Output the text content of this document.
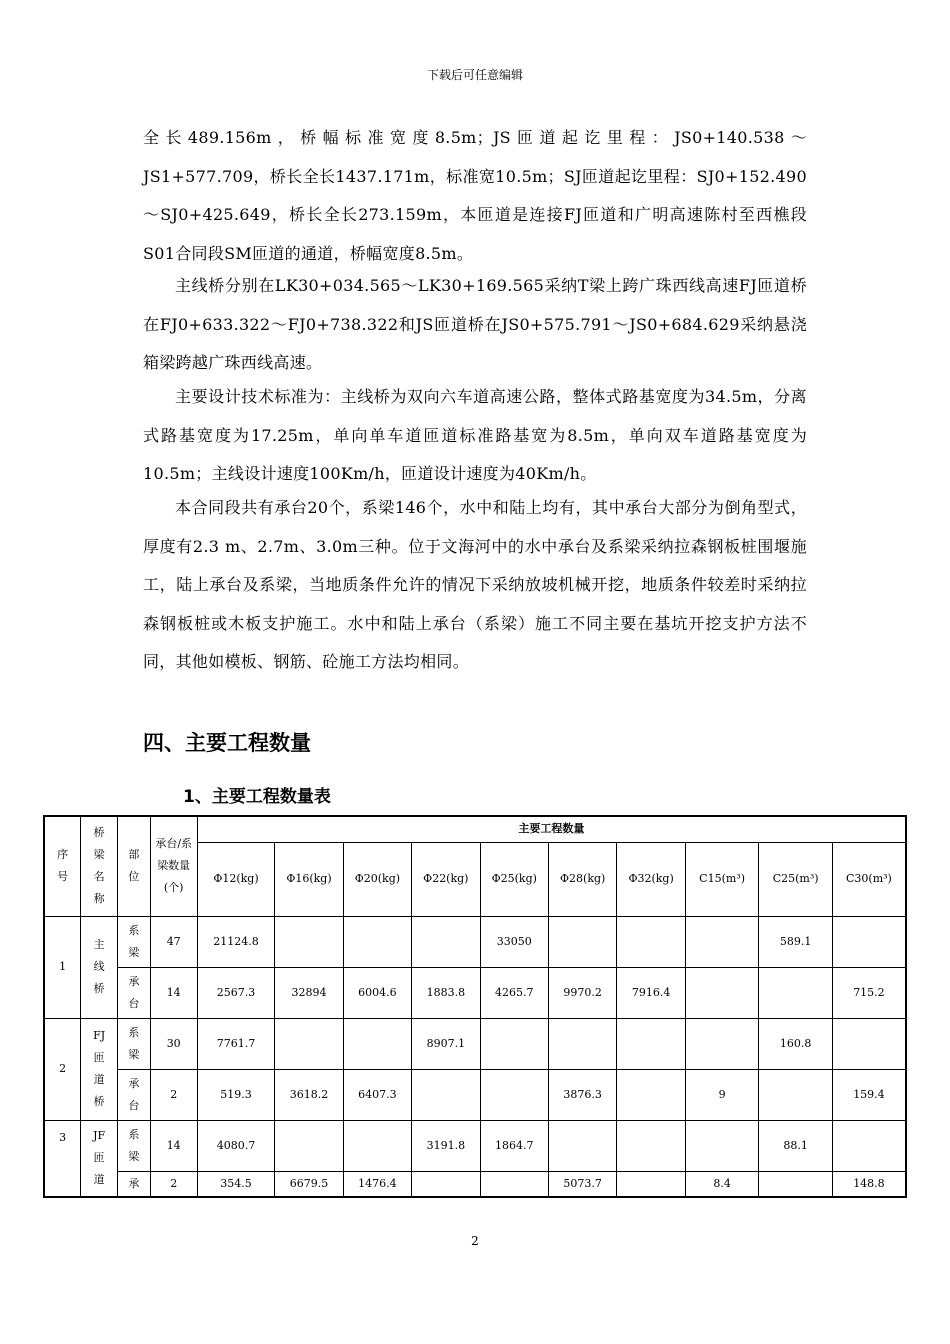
下载后可任意编辑
全长489.156m，桥幅标准宽度8.5m；JS匝道起讫里程：JS0+140.538～JS1+577.709，桥长全长1437.171m，标准宽10.5m；SJ匝道起讫里程：SJ0+152.490～SJ0+425.649，桥长全长273.159m，本匝道是连接FJ匝道和广明高速陈村至西樵段S01合同段SM匝道的通道，桥幅宽度8.5m。
主线桥分别在LK30+034.565～LK30+169.565采纳T梁上跨广珠西线高速FJ匝道桥在FJ0+633.322～FJ0+738.322和JS匝道桥在JS0+575.791～JS0+684.629采纳悬浇箱梁跨越广珠西线高速。
主要设计技术标准为：主线桥为双向六车道高速公路，整体式路基宽度为34.5m，分离式路基宽度为17.25m，单向单车道匝道标准路基宽为8.5m，单向双车道路基宽度为10.5m；主线设计速度100Km/h，匝道设计速度为40Km/h。
本合同段共有承台20个，系梁146个，水中和陆上均有，其中承台大部分为倒角型式，厚度有2.3 m、2.7m、3.0m三种。位于文海河中的水中承台及系梁采纳拉森钢板桩围堰施工，陆上承台及系梁，当地质条件允许的情况下采纳放坡机械开挖，地质条件较差时采纳拉森钢板桩或木板支护施工。水中和陆上承台（系梁）施工不同主要在基坑开挖支护方法不同，其他如模板、钢筋、砼施工方法均相同。
四、主要工程数量
1、主要工程数量表
序号	桥梁名称	部位	承台/系梁数量(个)	主要工程数量									
				Φ12(kg)	Φ16(kg)	Φ20(kg)	Φ22(kg)	Φ25(kg)	Φ28(kg)	Φ32(kg)	C15(m³)	C25(m³)	C30(m³)
1	主线桥	系梁	47	21124.8				33050				589.1	
		承台	14	2567.3	32894	6004.6	1883.8	4265.7	9970.2	7916.4			715.2
2	FJ匝道桥	系梁	30	7761.7			8907.1					160.8	
		承台	2	519.3	3618.2	6407.3			3876.3		9		159.4
3	JF匝道	系梁	14	4080.7			3191.8	1864.7				88.1	
		承	2	354.5	6679.5	1476.4			5073.7		8.4		148.8
2
